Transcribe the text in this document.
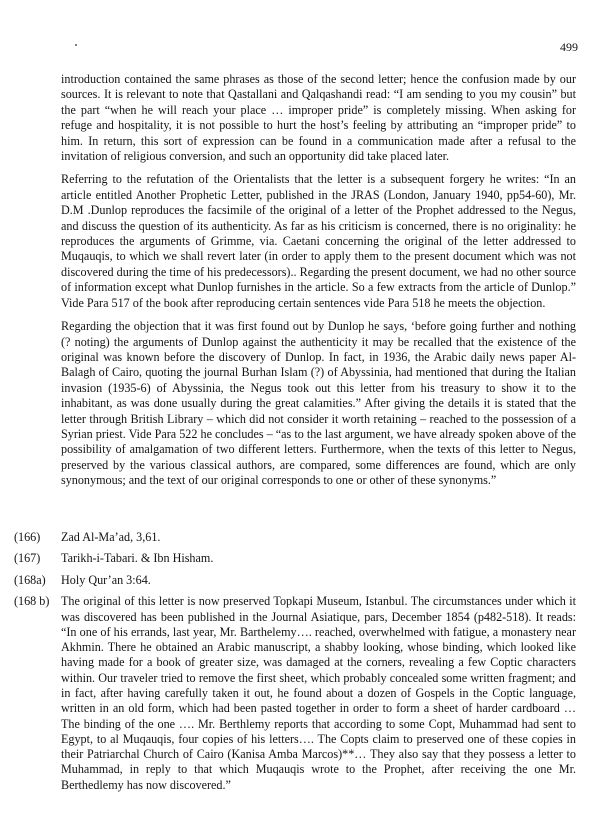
499

introduction contained the same phrases as those of the second letter; hence the confusion made by our sources. It is relevant to note that Qastallani and Qalqashandi read: “I am sending to you my cousin” but the part “when he will reach your place … improper pride” is completely missing. When asking for refuge and hospitality, it is not possible to hurt the host’s feeling by attributing an “improper pride” to him. In return, this sort of expression can be found in a communication made after a refusal to the invitation of religious conversion, and such an opportunity did take placed later.

Referring to the refutation of the Orientalists that the letter is a subsequent forgery he writes: “In an article entitled Another Prophetic Letter, published in the JRAS (London, January 1940, pp54-60), Mr. D.M .Dunlop reproduces the facsimile of the original of a letter of the Prophet addressed to the Negus, and discuss the question of its authenticity. As far as his criticism is concerned, there is no originality: he reproduces the arguments of Grimme, via. Caetani concerning the original of the letter addressed to Muqauqis, to which we shall revert later (in order to apply them to the present document which was not discovered during the time of his predecessors).. Regarding the present document, we had no other source of information except what Dunlop furnishes in the article. So a few extracts from the article of Dunlop.” Vide Para 517 of the book after reproducing certain sentences vide Para 518 he meets the objection.

Regarding the objection that it was first found out by Dunlop he says, ‘before going further and nothing (? noting) the arguments of Dunlop against the authenticity it may be recalled that the existence of the original was known before the discovery of Dunlop. In fact, in 1936, the Arabic daily news paper Al-Balagh of Cairo, quoting the journal Burhan Islam (?) of Abyssinia, had mentioned that during the Italian invasion (1935-6) of Abyssinia, the Negus took out this letter from his treasury to show it to the inhabitant, as was done usually during the great calamities.” After giving the details it is stated that the letter through British Library – which did not consider it worth retaining – reached to the possession of a Syrian priest. Vide Para 522 he concludes – “as to the last argument, we have already spoken above of the possibility of amalgamation of two different letters. Furthermore, when the texts of this letter to Negus, preserved by the various classical authors, are compared, some differences are found, which are only synonymous; and the text of our original corresponds to one or other of these synonyms.”

(166)	Zad Al-Ma’ad, 3,61.
(167)	Tarikh-i-Tabari. & Ibn Hisham.
(168a)	Holy Qur’an 3:64.
(168 b) The original of this letter is now preserved Topkapi Museum, Istanbul. The circumstances under which it was discovered has been published in the Journal Asiatique, pars, December 1854 (p482-518). It reads: “In one of his errands, last year, Mr. Barthelemy…. reached, overwhelmed with fatigue, a monastery near Akhmin. There he obtained an Arabic manuscript, a shabby looking, whose binding, which looked like having made for a book of greater size, was damaged at the corners, revealing a few Coptic characters within. Our traveler tried to remove the first sheet, which probably concealed some written fragment; and in fact, after having carefully taken it out, he found about a dozen of Gospels in the Coptic language, written in an old form, which had been pasted together in order to form a sheet of harder cardboard … The binding of the one …. Mr. Berthlemy reports that according to some Copt, Muhammad had sent to Egypt, to al Muqauqis, four copies of his letters…. The Copts claim to preserved one of these copies in their Patriarchal Church of Cairo (Kanisa Amba Marcos)**… They also say that they possess a letter to Muhammad, in reply to that which Muqauqis wrote to the Prophet, after receiving the one Mr. Berthedlemy has now discovered.”
